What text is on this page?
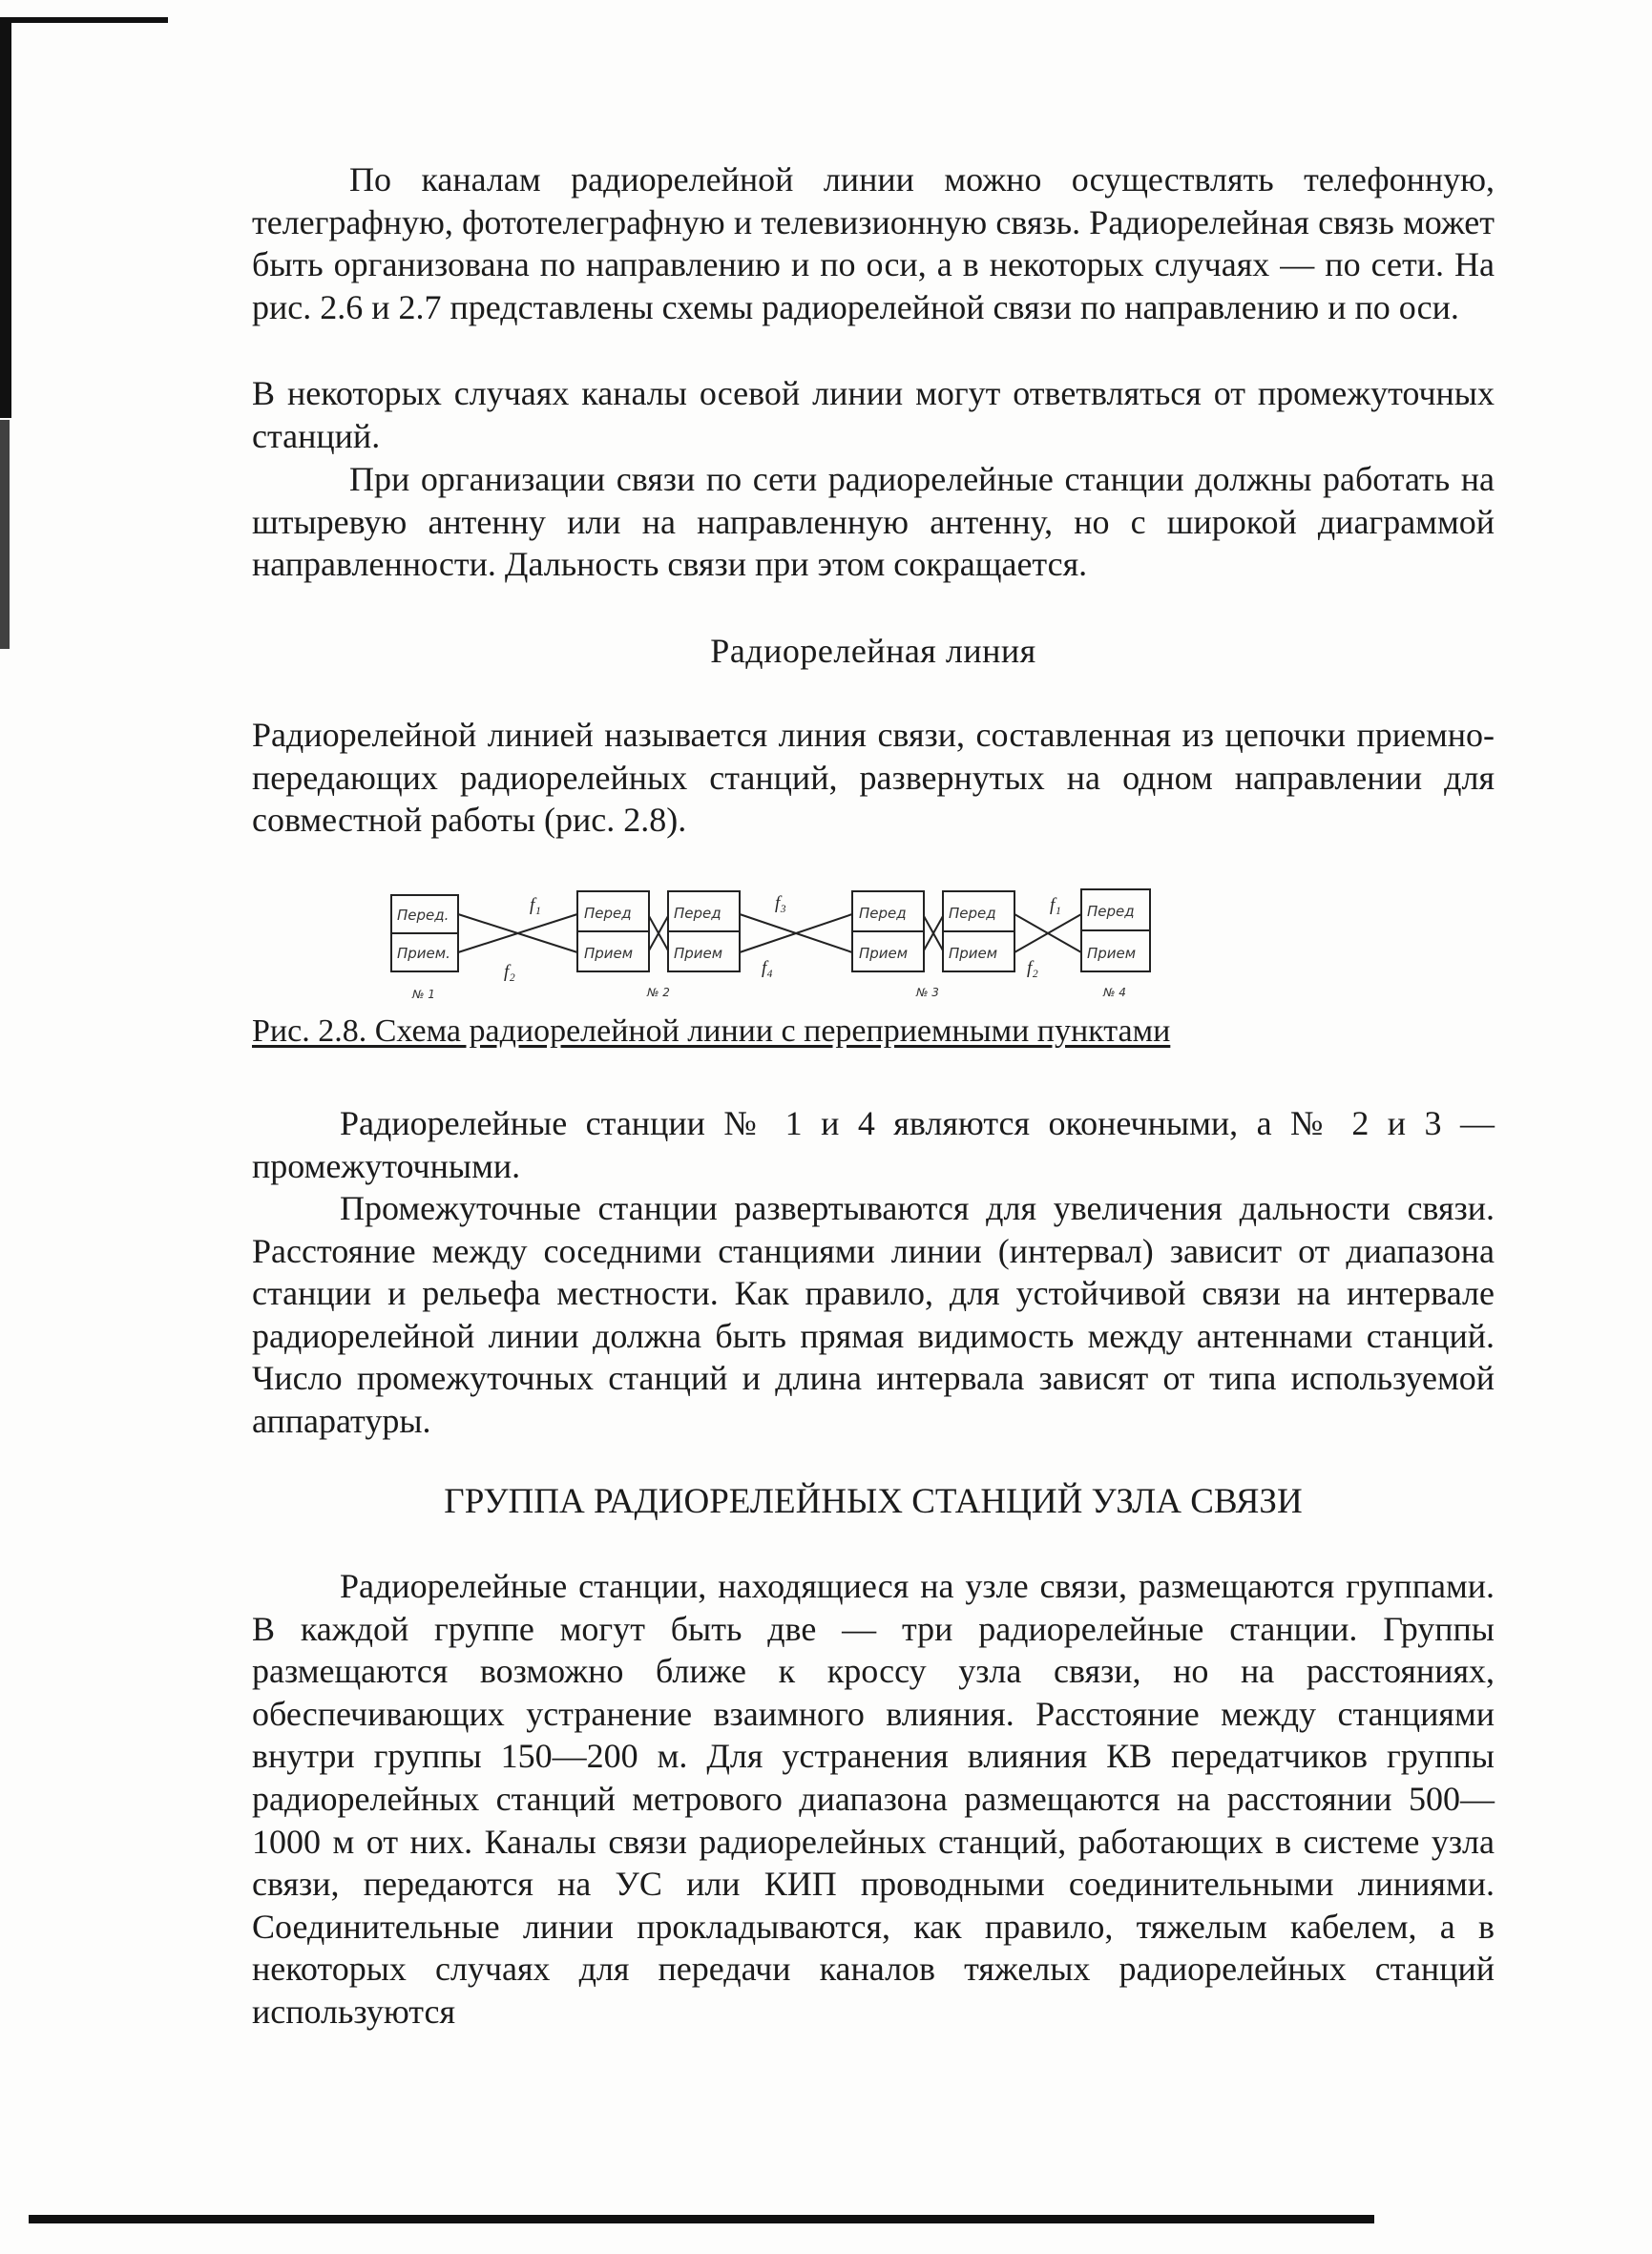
По каналам радиорелейной линии можно осуществлять телефонную, телеграфную, фототелеграфную и телевизионную связь. Радиорелейная связь может быть организована по направлению и по оси, а в некоторых случаях — по сети. На рис. 2.6 и 2.7 представлены схемы радиорелейной связи по направлению и по оси.

В некоторых случаях каналы осевой линии могут ответвляться от промежуточных станций.

При организации связи по сети радиорелейные станции должны работать на штыревую антенну или на направленную антенну, но с широкой диаграммой направленности. Дальность связи при этом сокращается.

Радиорелейная линия

Радиорелейной линией называется линия связи, составленная из цепочки приемно-передающих радиорелейных станций, развернутых на одном направлении для совместной работы (рис. 2.8).

Перед.
Прием.
Перед
Прием
Перед
Прием
Перед
Прием
Перед
Прием
Перед
Прием
f₁
f₂
f₃
f₄
f₁
f₂
№ 1	№ 2	№ 3	№ 4

Рис. 2.8. Схема радиорелейной линии с переприемными пунктами

Радиорелейные станции № 1 и 4 являются оконечными, а № 2 и 3 — промежуточными.

Промежуточные станции развертываются для увеличения дальности связи. Расстояние между соседними станциями линии (интервал) зависит от диапазона станции и рельефа местности. Как правило, для устойчивой связи на интервале радиорелейной линии должна быть прямая видимость между антеннами станций. Число промежуточных станций и длина интервала зависят от типа используемой аппаратуры.

ГРУППА РАДИОРЕЛЕЙНЫХ СТАНЦИЙ УЗЛА СВЯЗИ

Радиорелейные станции, находящиеся на узле связи, размещаются группами. В каждой группе могут быть две — три радиорелейные станции. Группы размещаются возможно ближе к кроссу узла связи, но на расстояниях, обеспечивающих устранение взаимного влияния. Расстояние между станциями внутри группы 150—200 м. Для устранения влияния КВ передатчиков группы радиорелейных станций метрового диапазона размещаются на расстоянии 500—1000 м от них. Каналы связи радиорелейных станций, работающих в системе узла связи, передаются на УС или КИП проводными соединительными линиями. Соединительные линии прокладываются, как правило, тяжелым кабелем, а в некоторых случаях для передачи каналов тяжелых радиорелейных станций используются
